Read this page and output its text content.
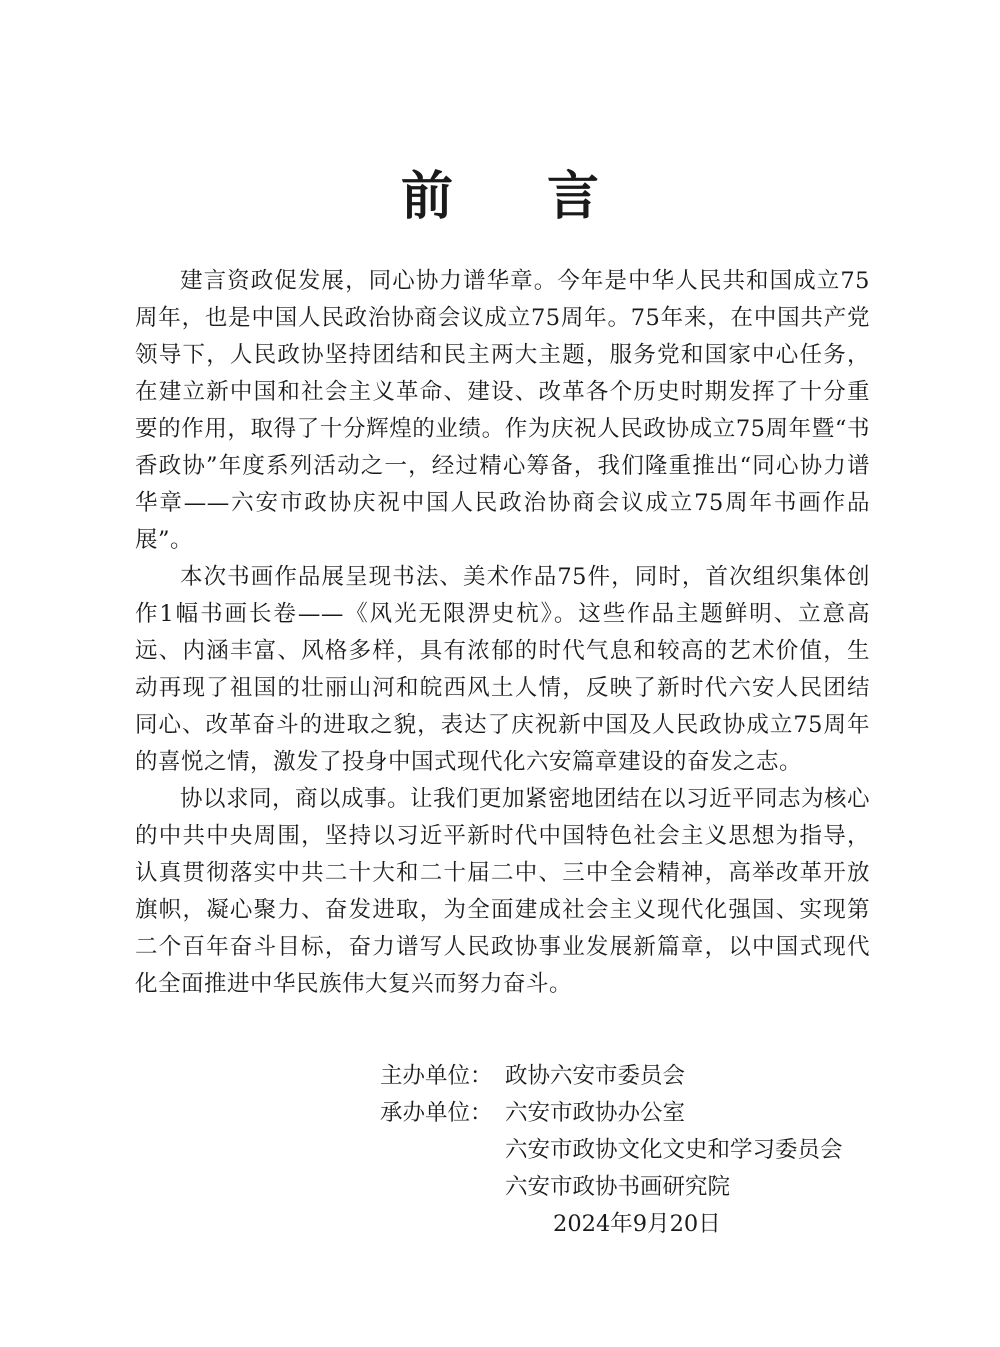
前 言

建言资政促发展，同心协力谱华章。今年是中华人民共和国成立75周年，也是中国人民政治协商会议成立75周年。75年来，在中国共产党领导下，人民政协坚持团结和民主两大主题，服务党和国家中心任务，在建立新中国和社会主义革命、建设、改革各个历史时期发挥了十分重要的作用，取得了十分辉煌的业绩。作为庆祝人民政协成立75周年暨“书香政协”年度系列活动之一，经过精心筹备，我们隆重推出“同心协力谱华章——六安市政协庆祝中国人民政治协商会议成立75周年书画作品展”。

本次书画作品展呈现书法、美术作品75件，同时，首次组织集体创作1幅书画长卷——《风光无限淠史杭》。这些作品主题鲜明、立意高远、内涵丰富、风格多样，具有浓郁的时代气息和较高的艺术价值，生动再现了祖国的壮丽山河和皖西风土人情，反映了新时代六安人民团结同心、改革奋斗的进取之貌，表达了庆祝新中国及人民政协成立75周年的喜悦之情，激发了投身中国式现代化六安篇章建设的奋发之志。

协以求同，商以成事。让我们更加紧密地团结在以习近平同志为核心的中共中央周围，坚持以习近平新时代中国特色社会主义思想为指导，认真贯彻落实中共二十大和二十届二中、三中全会精神，高举改革开放旗帜，凝心聚力、奋发进取，为全面建成社会主义现代化强国、实现第二个百年奋斗目标，奋力谱写人民政协事业发展新篇章，以中国式现代化全面推进中华民族伟大复兴而努力奋斗。

主办单位： 政协六安市委员会
承办单位： 六安市政协办公室
六安市政协文化文史和学习委员会
六安市政协书画研究院
2024年9月20日
